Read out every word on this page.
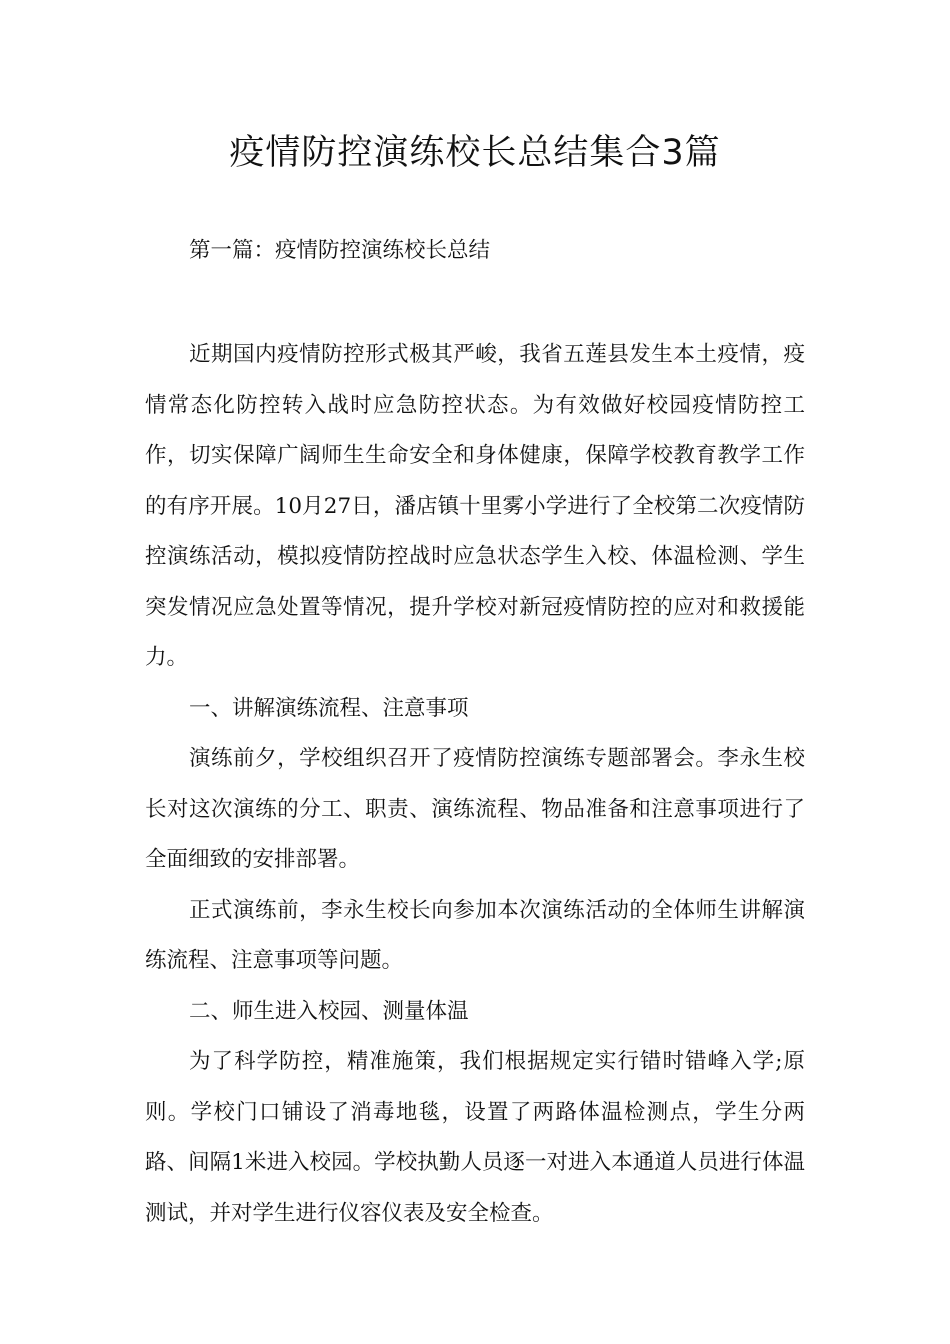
疫情防控演练校长总结集合3篇

第一篇：疫情防控演练校长总结

近期国内疫情防控形式极其严峻，我省五莲县发生本土疫情，疫情常态化防控转入战时应急防控状态。为有效做好校园疫情防控工作，切实保障广阔师生生命安全和身体健康，保障学校教育教学工作的有序开展。10月27日，潘店镇十里雾小学进行了全校第二次疫情防控演练活动，模拟疫情防控战时应急状态学生入校、体温检测、学生突发情况应急处置等情况，提升学校对新冠疫情防控的应对和救援能力。

一、讲解演练流程、注意事项

演练前夕，学校组织召开了疫情防控演练专题部署会。李永生校长对这次演练的分工、职责、演练流程、物品准备和注意事项进行了全面细致的安排部署。

正式演练前，李永生校长向参加本次演练活动的全体师生讲解演练流程、注意事项等问题。

二、师生进入校园、测量体温

为了科学防控，精准施策，我们根据规定实行错时错峰入学;原则。学校门口铺设了消毒地毯，设置了两路体温检测点，学生分两路、间隔1米进入校园。学校执勤人员逐一对进入本通道人员进行体温测试，并对学生进行仪容仪表及安全检查。
